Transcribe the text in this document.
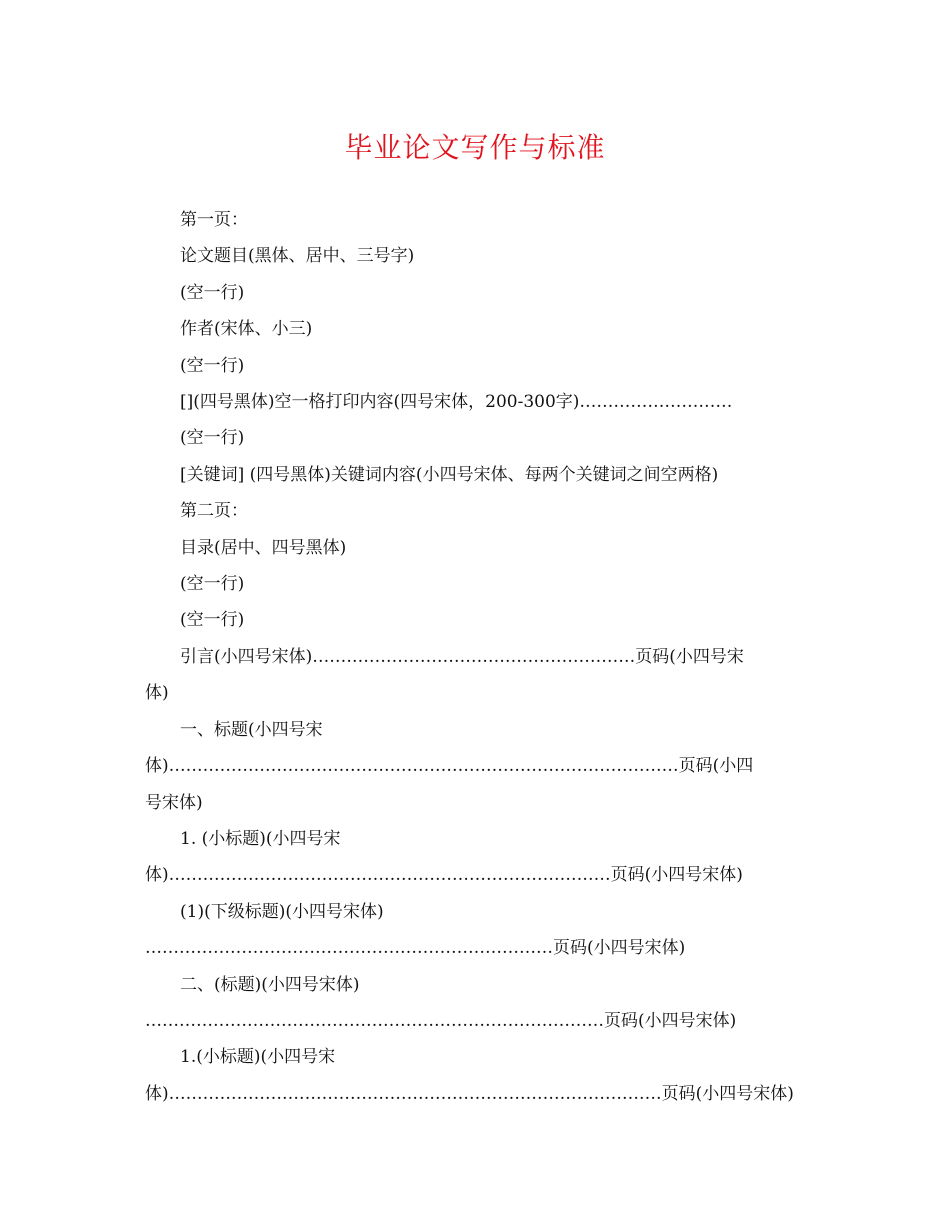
毕业论文写作与标准

第一页：

论文题目(黑体、居中、三号字)

(空一行)

作者(宋体、小三)

(空一行)

[](四号黑体)空一格打印内容(四号宋体，200-300字)………………………

(空一行)

[关键词] (四号黑体)关键词内容(小四号宋体、每两个关键词之间空两格)

第二页：

目录(居中、四号黑体)

(空一行)

(空一行)

引言(小四号宋体)…………………………………………………页码(小四号宋
体)
一、标题(小四号宋
体)………………………………………………………………………………页码(小四
号宋体)
1. (小标题)(小四号宋
体)……………………………………………………………………页码(小四号宋体)
(1)(下级标题)(小四号宋体)
………………………………………………………………页码(小四号宋体)
二、(标题)(小四号宋体)
………………………………………………………………………页码(小四号宋体)
1.(小标题)(小四号宋
体)……………………………………………………………………………页码(小四号宋体)
